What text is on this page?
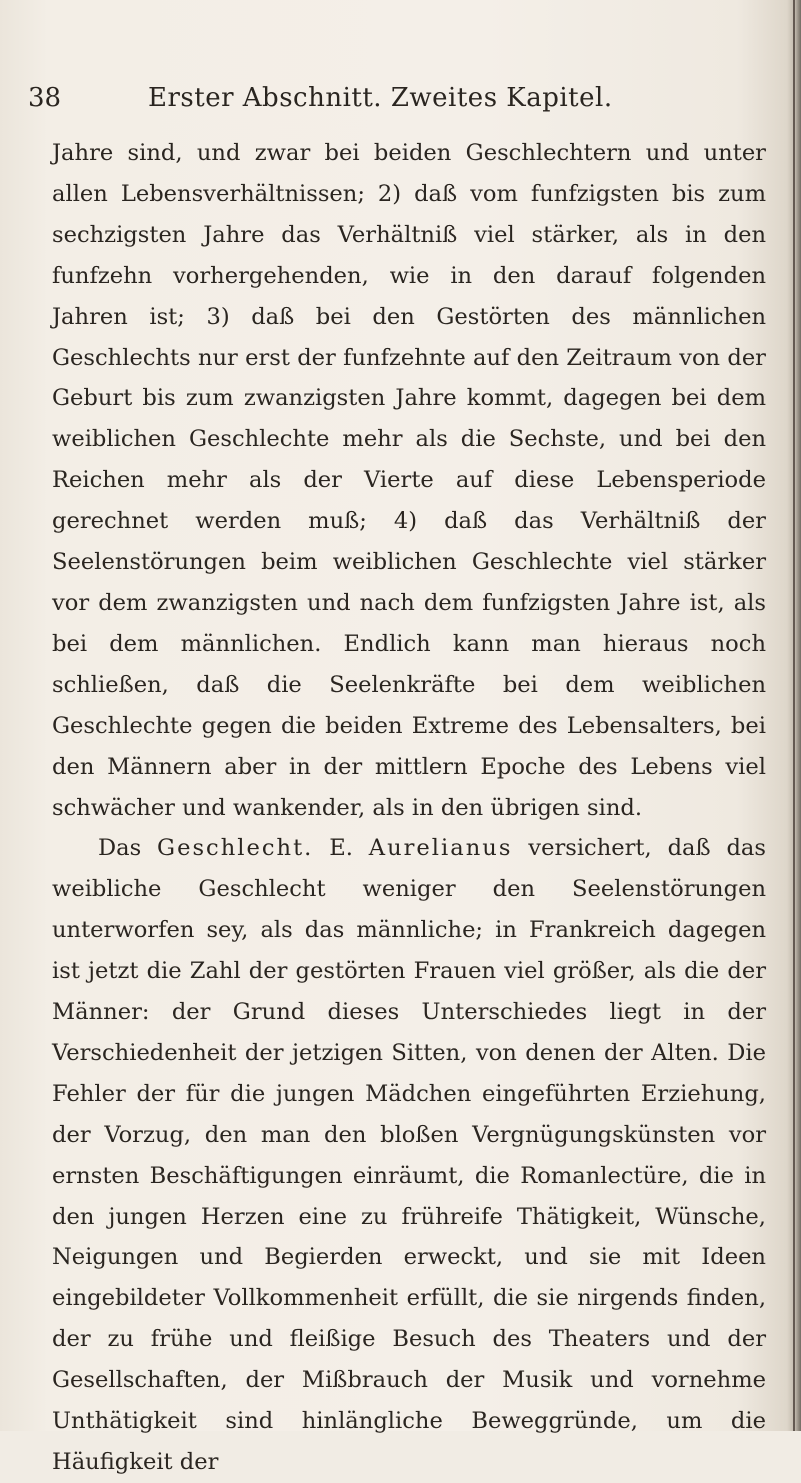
38	Erster Abschnitt. Zweites Kapitel.

Jahre sind, und zwar bei beiden Geschlechtern und unter allen Lebensverhältnissen; 2) daß vom funfzigsten bis zum sechzigsten Jahre das Verhältniß viel stärker, als in den funfzehn vorhergehenden, wie in den darauf folgenden Jahren ist; 3) daß bei den Gestörten des männlichen Geschlechts nur erst der funfzehnte auf den Zeitraum von der Geburt bis zum zwanzigsten Jahre kommt, dagegen bei dem weiblichen Geschlechte mehr als die Sechste, und bei den Reichen mehr als der Vierte auf diese Lebensperiode gerechnet werden muß; 4) daß das Verhältniß der Seelenstörungen beim weiblichen Geschlechte viel stärker vor dem zwanzigsten und nach dem funfzigsten Jahre ist, als bei dem männlichen. Endlich kann man hieraus noch schließen, daß die Seelenkräfte bei dem weiblichen Geschlechte gegen die beiden Extreme des Lebensalters, bei den Männern aber in der mittlern Epoche des Lebens viel schwächer und wankender, als in den übrigen sind.

Das Geschlecht. E. Aurelianus versichert, daß das weibliche Geschlecht weniger den Seelenstörungen unterworfen sey, als das männliche; in Frankreich dagegen ist jetzt die Zahl der gestörten Frauen viel größer, als die der Männer: der Grund dieses Unterschiedes liegt in der Verschiedenheit der jetzigen Sitten, von denen der Alten. Die Fehler der für die jungen Mädchen eingeführten Erziehung, der Vorzug, den man den bloßen Vergnügungskünsten vor ernsten Beschäftigungen einräumt, die Romanlectüre, die in den jungen Herzen eine zu frühreife Thätigkeit, Wünsche, Neigungen und Begierden erweckt, und sie mit Ideen eingebildeter Vollkommenheit erfüllt, die sie nirgends finden, der zu frühe und fleißige Besuch des Theaters und der Gesellschaften, der Mißbrauch der Musik und vornehme Unthätigkeit sind hinlängliche Beweggründe, um die Häufigkeit der
